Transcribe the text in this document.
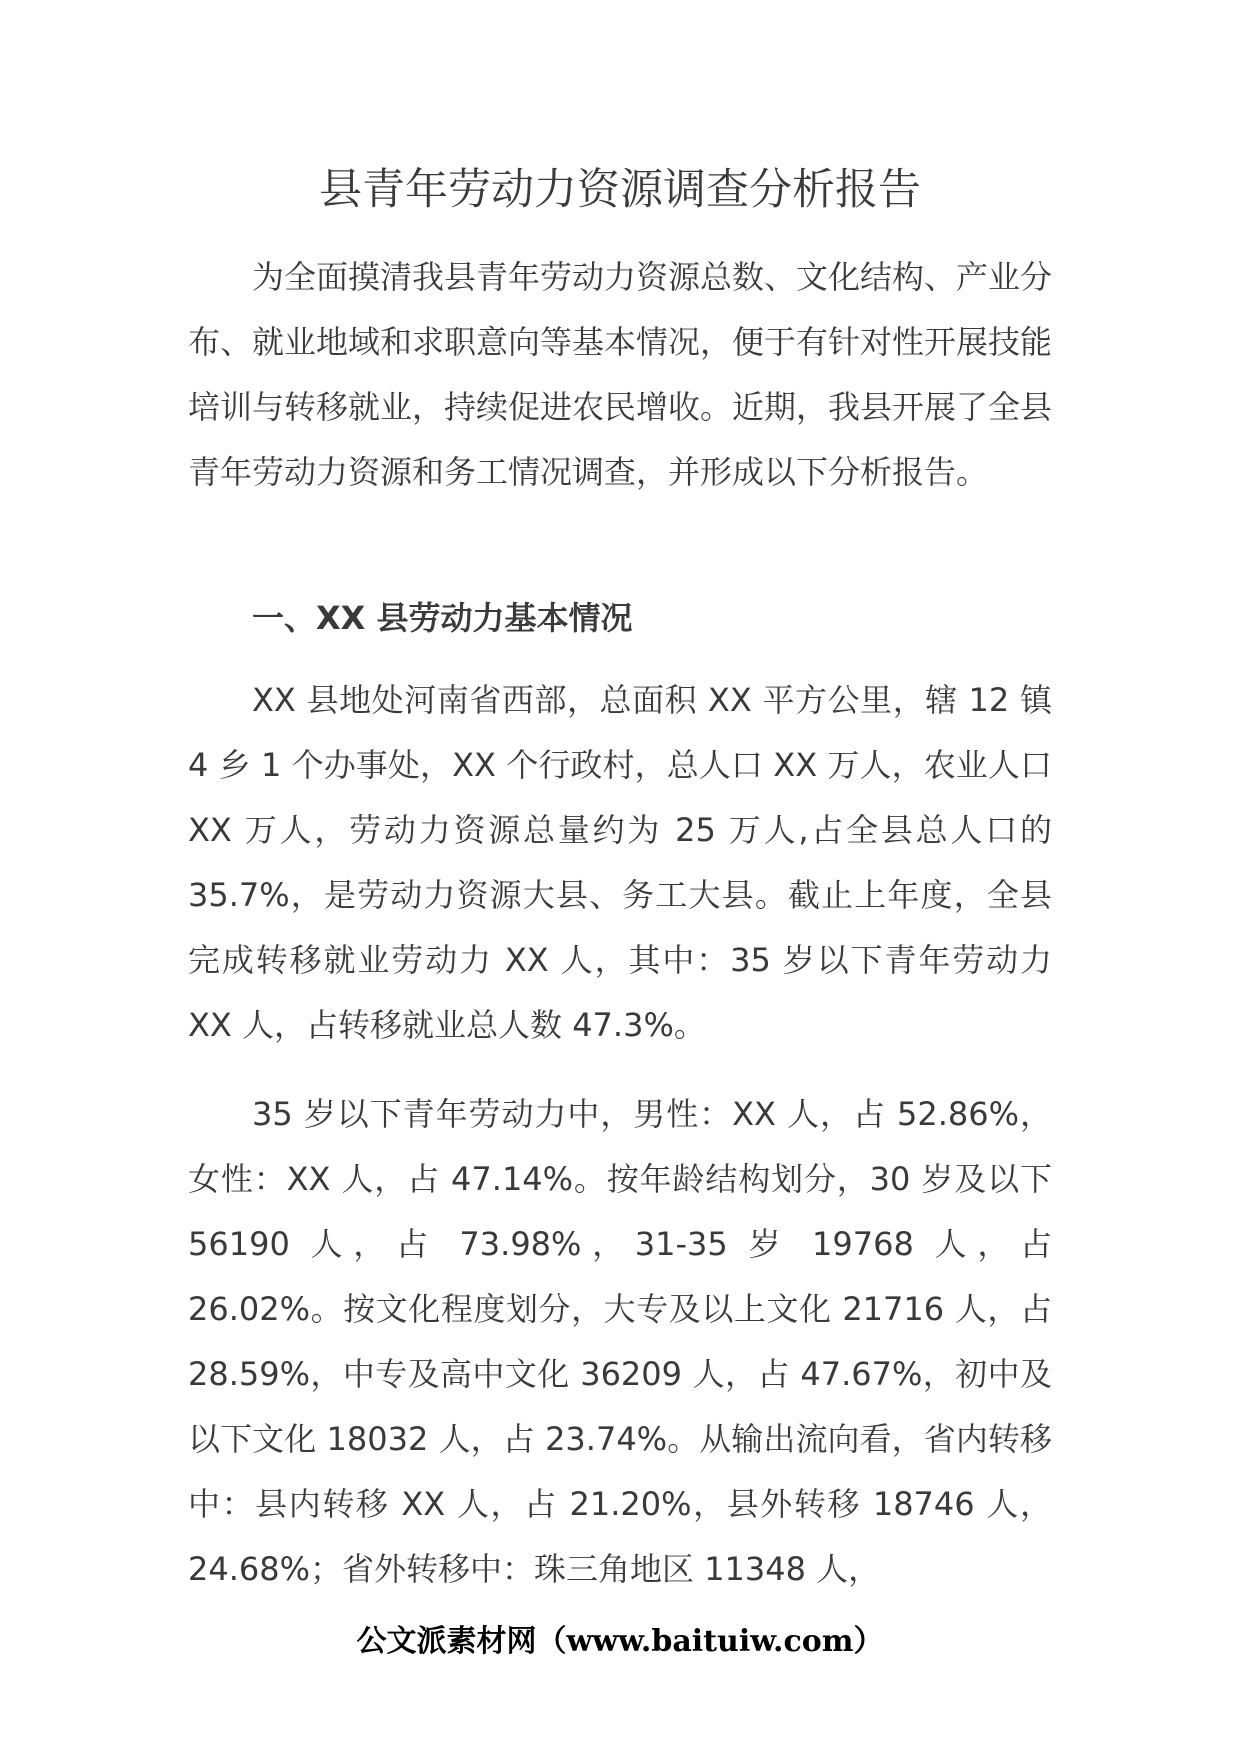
县青年劳动力资源调查分析报告

为全面摸清我县青年劳动力资源总数、文化结构、产业分布、就业地域和求职意向等基本情况，便于有针对性开展技能培训与转移就业，持续促进农民增收。近期，我县开展了全县青年劳动力资源和务工情况调查，并形成以下分析报告。

一、XX 县劳动力基本情况

XX 县地处河南省西部，总面积 XX 平方公里，辖 12 镇 4 乡 1 个办事处，XX 个行政村，总人口 XX 万人，农业人口 XX 万人，劳动力资源总量约为 25 万人,占全县总人口的 35.7%，是劳动力资源大县、务工大县。截止上年度，全县完成转移就业劳动力 XX 人，其中：35 岁以下青年劳动力 XX 人，占转移就业总人数 47.3%。

35 岁以下青年劳动力中，男性：XX 人，占 52.86%，女性：XX 人，占 47.14%。按年龄结构划分，30 岁及以下 56190 人，占 73.98%，31-35 岁 19768 人，占 26.02%。按文化程度划分，大专及以上文化 21716 人，占 28.59%，中专及高中文化 36209 人，占 47.67%，初中及以下文化 18032 人，占 23.74%。从输出流向看，省内转移中：县内转移 XX 人，占 21.20%，县外转移 18746 人，24.68%；省外转移中：珠三角地区 11348 人，

公文派素材网（www.baituiw.com）
